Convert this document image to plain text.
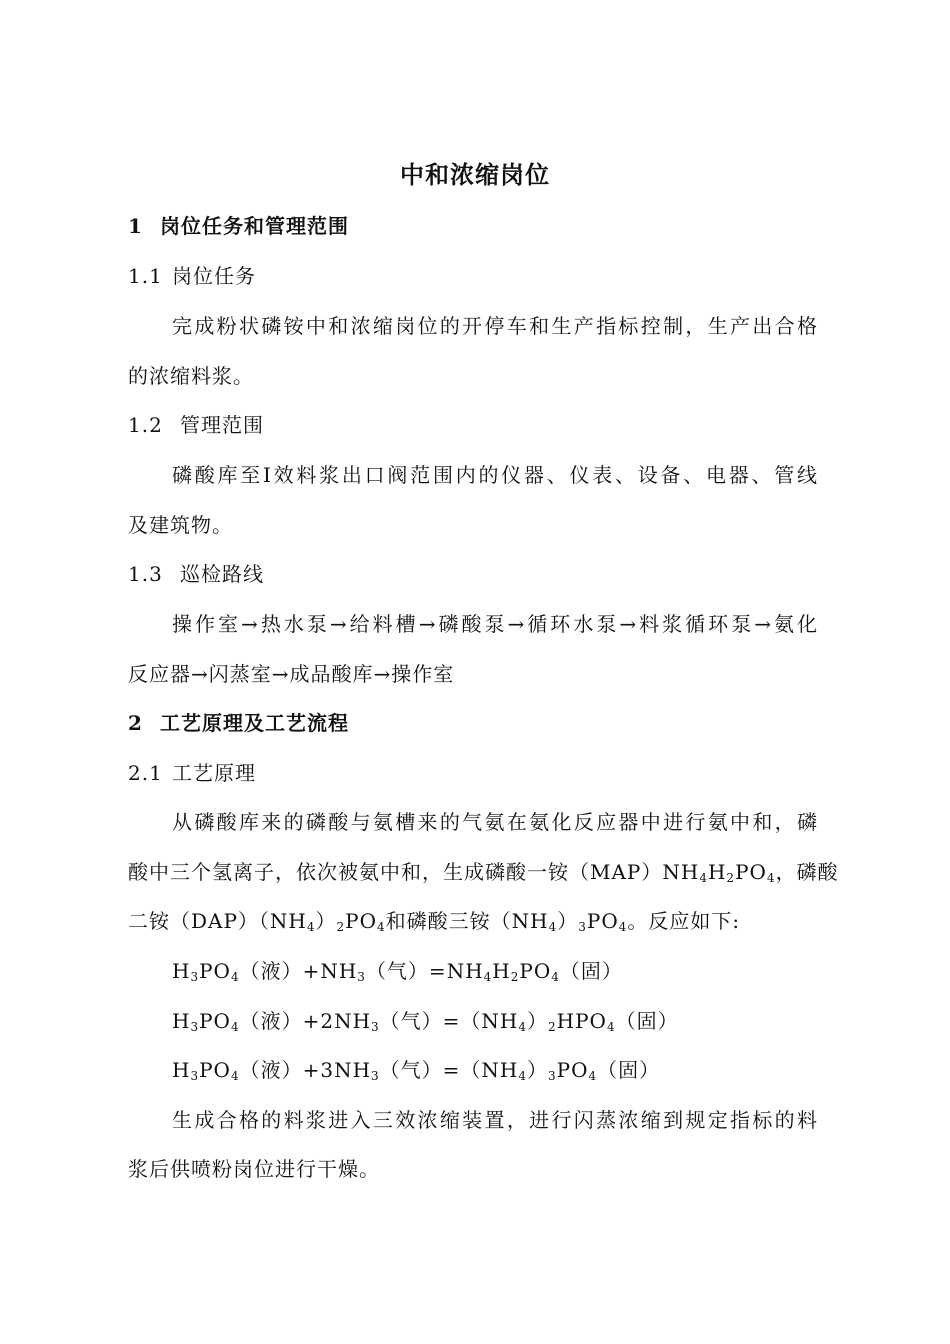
中和浓缩岗位
1 岗位任务和管理范围
1.1 岗位任务
完成粉状磷铵中和浓缩岗位的开停车和生产指标控制，生产出合格
的浓缩料浆。
1.2 管理范围
磷酸库至Ⅰ效料浆出口阀范围内的仪器、仪表、设备、电器、管线
及建筑物。
1.3 巡检路线
操作室→热水泵→给料槽→磷酸泵→循环水泵→料浆循环泵→氨化
反应器→闪蒸室→成品酸库→操作室
2 工艺原理及工艺流程
2.1 工艺原理
从磷酸库来的磷酸与氨槽来的气氨在氨化反应器中进行氨中和，磷
酸中三个氢离子，依次被氨中和，生成磷酸一铵$(MAP)NH_4H_2PO_4$，磷酸
二铵$(DAP)(NH_4)_2PO_4$和磷酸三铵$(NH_4)_3PO_4$。反应如下:
$H_3PO_4$（液）$+NH_3$（气）$=NH_4H_2PO_4$（固）
$H_3PO_4$（液）$+2NH_3$（气）$=(NH_4)_2HPO_4$（固）
$H_3PO_4$（液）$+3NH_3$（气）$=(NH_4)_3PO_4$（固）
生成合格的料浆进入三效浓缩装置，进行闪蒸浓缩到规定指标的料
浆后供喷粉岗位进行干燥。
